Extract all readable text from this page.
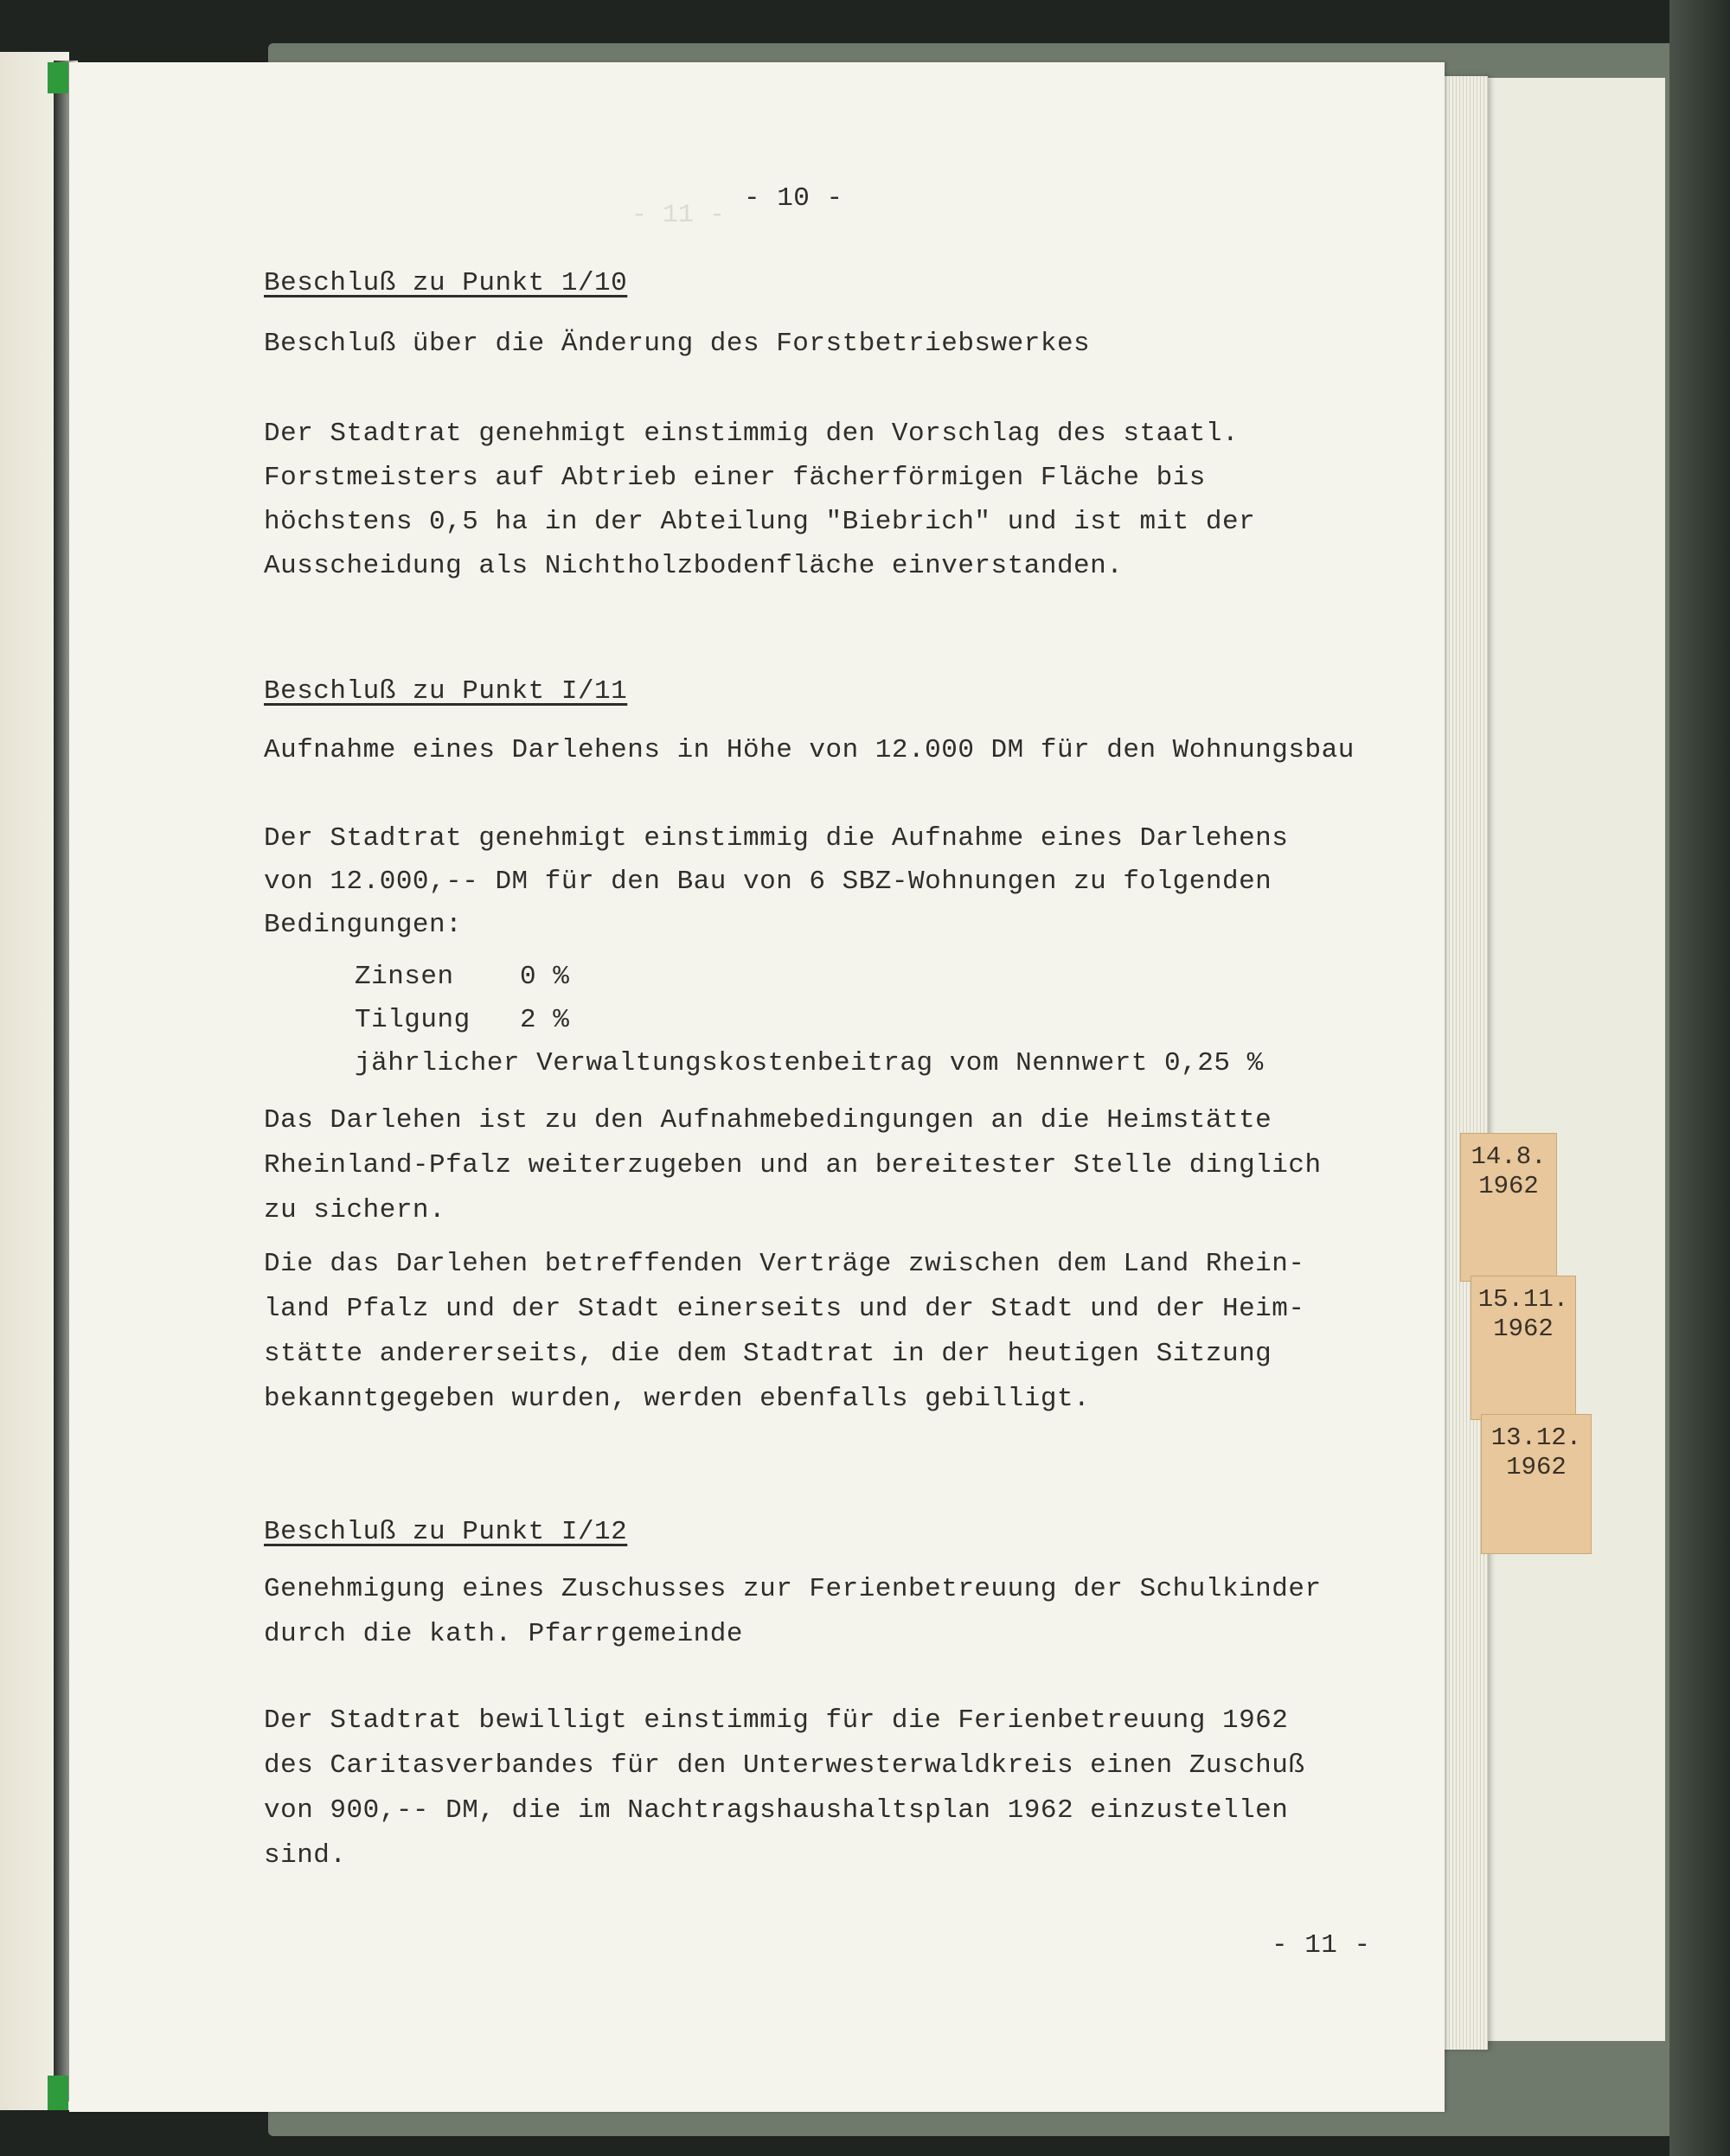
- 11 -
- 10 -
Beschluß zu Punkt 1/10
Beschluß über die Änderung des Forstbetriebswerkes
Der Stadtrat genehmigt einstimmig den Vorschlag des staatl.
Forstmeisters auf Abtrieb einer fächerförmigen Fläche bis
höchstens 0,5 ha in der Abteilung "Biebrich" und ist mit der
Ausscheidung als Nichtholzbodenfläche einverstanden.
Beschluß zu Punkt I/11
Aufnahme eines Darlehens in Höhe von 12.000 DM für den Wohnungsbau
Der Stadtrat genehmigt einstimmig die Aufnahme eines Darlehens
von 12.000,-- DM für den Bau von 6 SBZ-Wohnungen zu folgenden
Bedingungen:
Zinsen    0 %
Tilgung   2 %
jährlicher Verwaltungskostenbeitrag vom Nennwert 0,25 %
Das Darlehen ist zu den Aufnahmebedingungen an die Heimstätte
Rheinland-Pfalz weiterzugeben und an bereitester Stelle dinglich
zu sichern.
Die das Darlehen betreffenden Verträge zwischen dem Land Rhein-
land Pfalz und der Stadt einerseits und der Stadt und der Heim-
stätte andererseits, die dem Stadtrat in der heutigen Sitzung
bekanntgegeben wurden, werden ebenfalls gebilligt.
Beschluß zu Punkt I/12
Genehmigung eines Zuschusses zur Ferienbetreuung der Schulkinder
durch die kath. Pfarrgemeinde
Der Stadtrat bewilligt einstimmig für die Ferienbetreuung 1962
des Caritasverbandes für den Unterwesterwaldkreis einen Zuschuß
von 900,-- DM, die im Nachtragshaushaltsplan 1962 einzustellen
sind.
- 11 -
14.8.
1962
15.11.
1962
13.12.
1962
